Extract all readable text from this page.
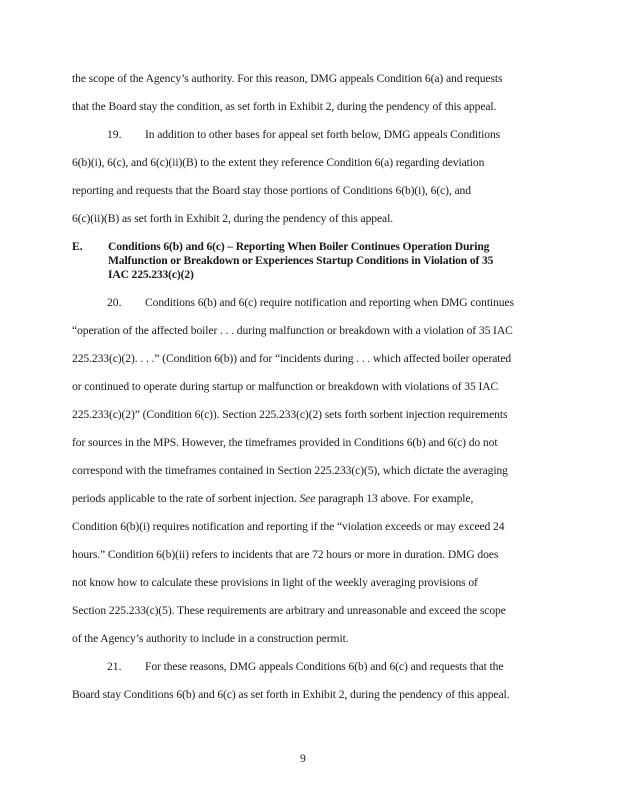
the scope of the Agency’s authority. For this reason, DMG appeals Condition 6(a) and requests
that the Board stay the condition, as set forth in Exhibit 2, during the pendency of this appeal.
19. In addition to other bases for appeal set forth below, DMG appeals Conditions
6(b)(i), 6(c), and 6(c)(ii)(B) to the extent they reference Condition 6(a) regarding deviation
reporting and requests that the Board stay those portions of Conditions 6(b)(i), 6(c), and
6(c)(ii)(B) as set forth in Exhibit 2, during the pendency of this appeal.
E. Conditions 6(b) and 6(c) – Reporting When Boiler Continues Operation During
Malfunction or Breakdown or Experiences Startup Conditions in Violation of 35
IAC 225.233(c)(2)
20. Conditions 6(b) and 6(c) require notification and reporting when DMG continues
“operation of the affected boiler . . . during malfunction or breakdown with a violation of 35 IAC
225.233(c)(2). . . .” (Condition 6(b)) and for “incidents during . . . which affected boiler operated
or continued to operate during startup or malfunction or breakdown with violations of 35 IAC
225.233(c)(2)” (Condition 6(c)). Section 225.233(c)(2) sets forth sorbent injection requirements
for sources in the MPS. However, the timeframes provided in Conditions 6(b) and 6(c) do not
correspond with the timeframes contained in Section 225.233(c)(5), which dictate the averaging
periods applicable to the rate of sorbent injection. See paragraph 13 above. For example,
Condition 6(b)(i) requires notification and reporting if the “violation exceeds or may exceed 24
hours.” Condition 6(b)(ii) refers to incidents that are 72 hours or more in duration. DMG does
not know how to calculate these provisions in light of the weekly averaging provisions of
Section 225.233(c)(5). These requirements are arbitrary and unreasonable and exceed the scope
of the Agency’s authority to include in a construction permit.
21. For these reasons, DMG appeals Conditions 6(b) and 6(c) and requests that the
Board stay Conditions 6(b) and 6(c) as set forth in Exhibit 2, during the pendency of this appeal.
9
